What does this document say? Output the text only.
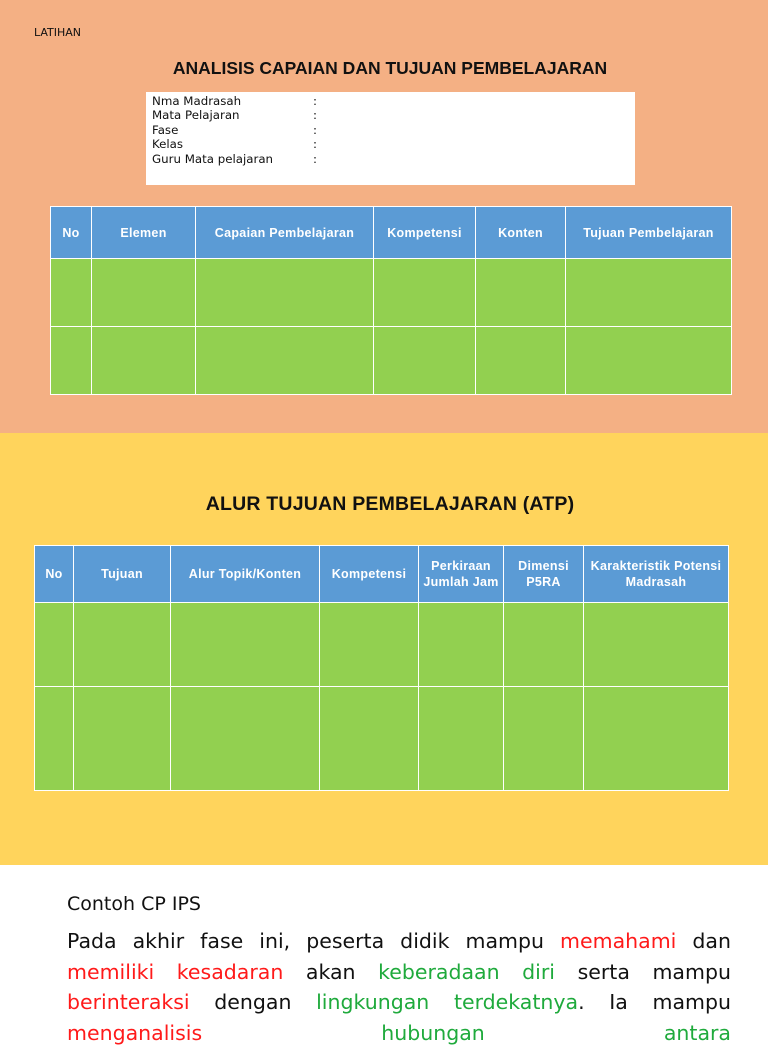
LATIHAN
ANALISIS CAPAIAN DAN TUJUAN PEMBELAJARAN
Nma Madrasah	:
Mata Pelajaran	:
Fase	:
Kelas	:
Guru Mata pelajaran	:
No	Elemen	Capaian Pembelajaran	Kompetensi	Konten	Tujuan Pembelajaran

ALUR TUJUAN PEMBELAJARAN (ATP)
No	Tujuan	Alur Topik/Konten	Kompetensi	Perkiraan Jumlah Jam	Dimensi P5RA	Karakteristik Potensi Madrasah

Contoh CP IPS
Pada akhir fase ini, peserta didik mampu memahami dan memiliki kesadaran akan keberadaan diri serta mampu berinteraksi dengan lingkungan terdekatnya. Ia mampu menganalisis	hubungan antara
